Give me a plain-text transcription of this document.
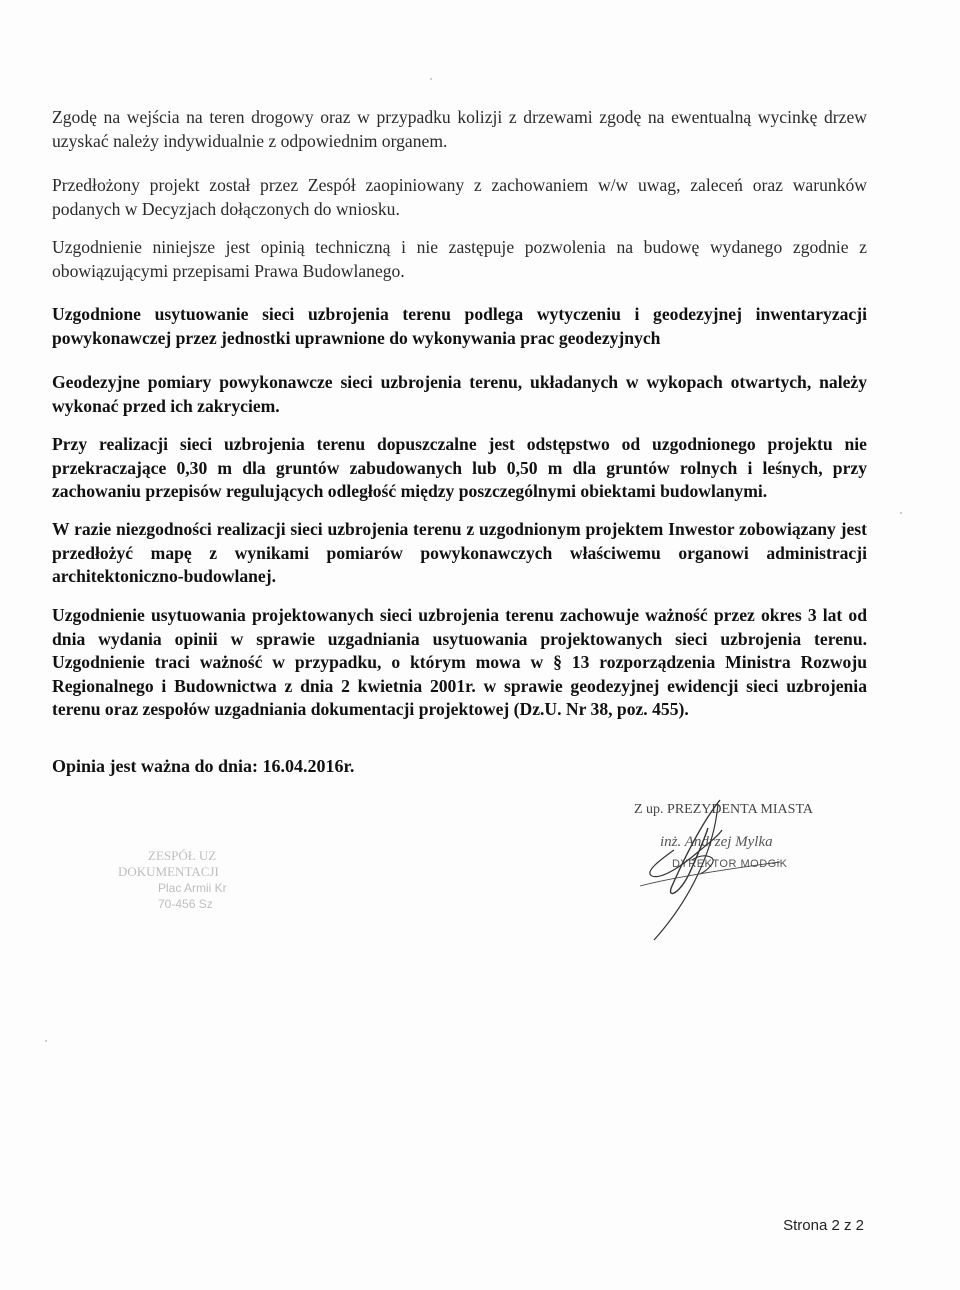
Zgodę na wejścia na teren drogowy oraz w przypadku kolizji z drzewami zgodę na ewentualną wycinkę drzew uzyskać należy indywidualnie z odpowiednim organem.

Przedłożony projekt został przez Zespół zaopiniowany z zachowaniem w/w uwag, zaleceń oraz warunków podanych w Decyzjach dołączonych do wniosku.

Uzgodnienie niniejsze jest opinią techniczną i nie zastępuje pozwolenia na budowę wydanego zgodnie z obowiązującymi przepisami Prawa Budowlanego.

Uzgodnione usytuowanie sieci uzbrojenia terenu podlega wytyczeniu i geodezyjnej inwentaryzacji powykonawczej przez jednostki uprawnione do wykonywania prac geodezyjnych

Geodezyjne pomiary powykonawcze sieci uzbrojenia terenu, układanych w wykopach otwartych, należy wykonać przed ich zakryciem.

Przy realizacji sieci uzbrojenia terenu dopuszczalne jest odstępstwo od uzgodnionego projektu nie przekraczające 0,30 m dla gruntów zabudowanych lub 0,50 m dla gruntów rolnych i leśnych, przy zachowaniu przepisów regulujących odległość między poszczególnymi obiektami budowlanymi.

W razie niezgodności realizacji sieci uzbrojenia terenu z uzgodnionym projektem Inwestor zobowiązany jest przedłożyć mapę z wynikami pomiarów powykonawczych właściwemu organowi administracji architektoniczno-budowlanej.

Uzgodnienie usytuowania projektowanych sieci uzbrojenia terenu zachowuje ważność przez okres 3 lat od dnia wydania opinii w sprawie uzgadniania usytuowania projektowanych sieci uzbrojenia terenu. Uzgodnienie traci ważność w przypadku, o którym mowa w § 13 rozporządzenia Ministra Rozwoju Regionalnego i Budownictwa z dnia 2 kwietnia 2001r. w sprawie geodezyjnej ewidencji sieci uzbrojenia terenu oraz zespołów uzgadniania dokumentacji projektowej (Dz.U. Nr 38, poz. 455).

Opinia jest ważna do dnia: 16.04.2016r.

ZESPÓŁ UZ
DOKUMENTACJI
Plac Armii Kr
70-456 Sz
Z up. PREZYDENTA MIASTA
inż. Andrzej Mylka
DYREKTOR MODGiK
Strona 2 z 2
